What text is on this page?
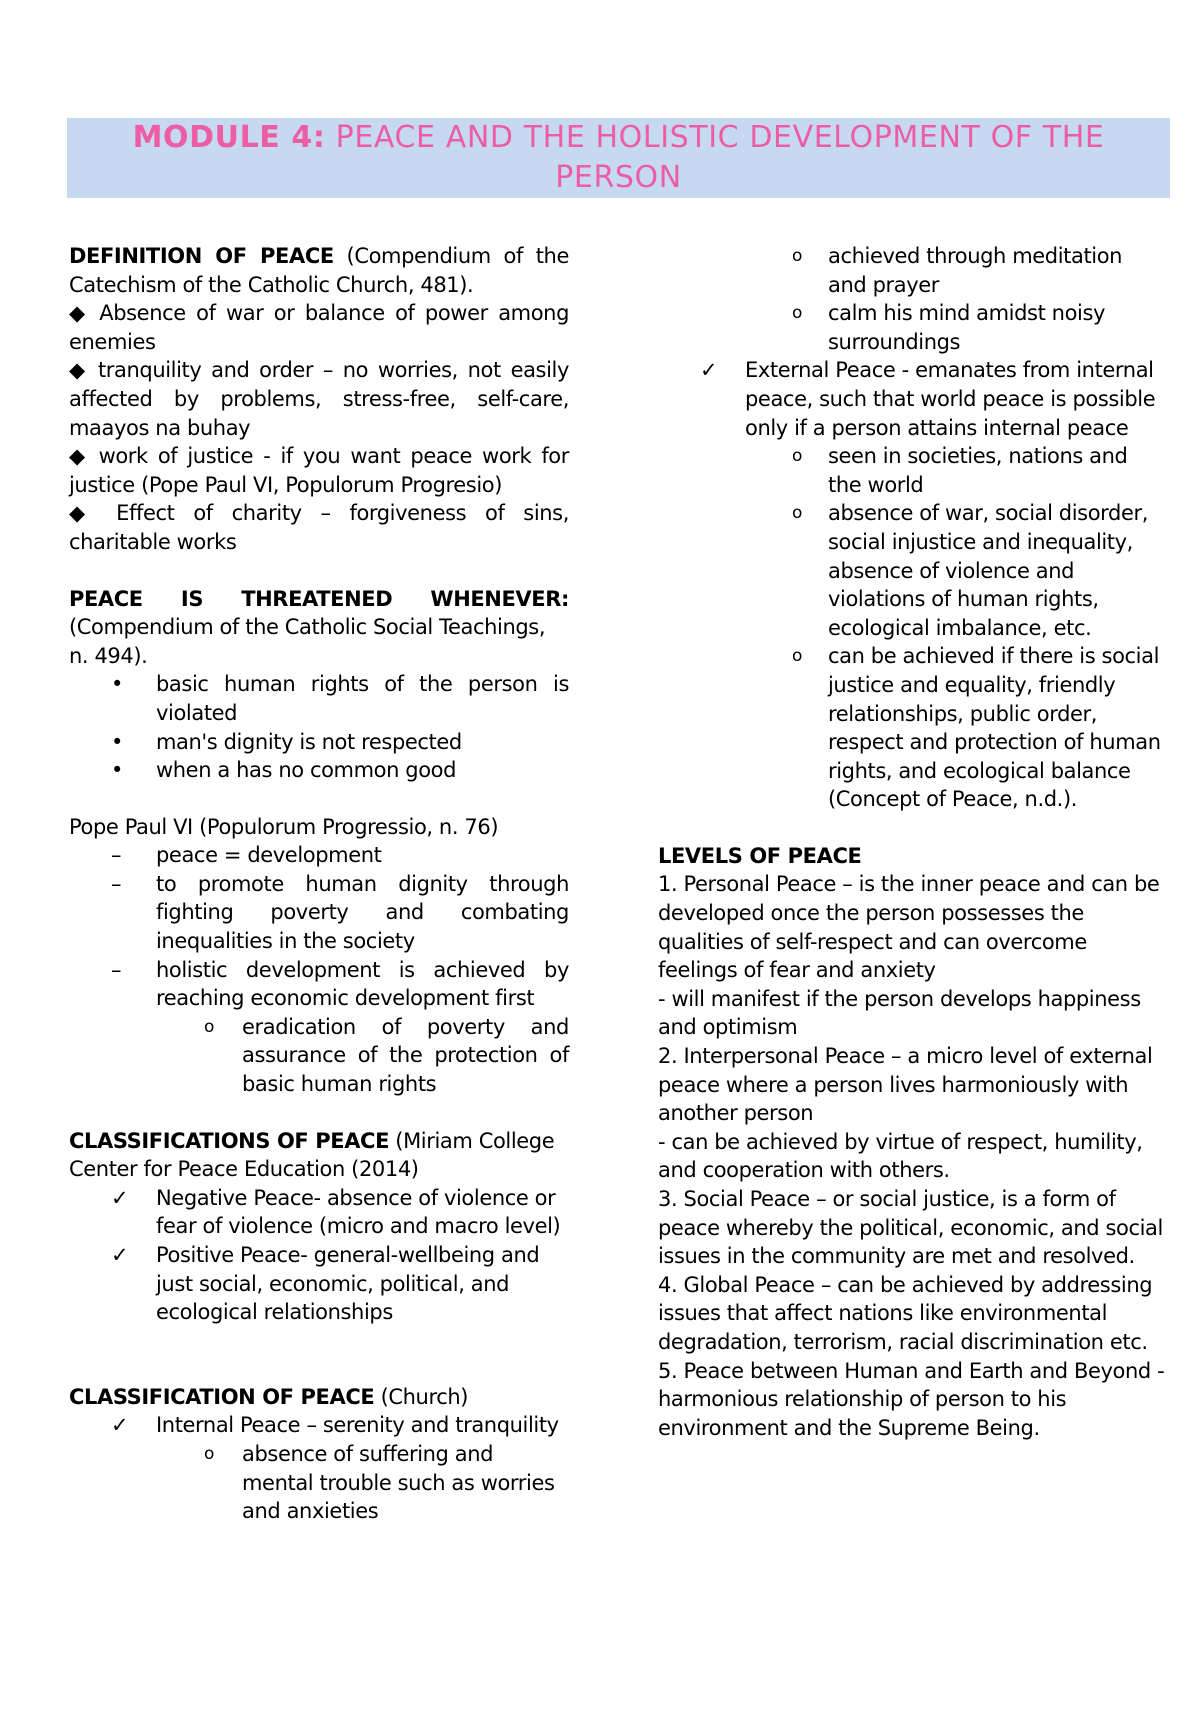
MODULE 4: PEACE AND THE HOLISTIC DEVELOPMENT OF THE PERSON

DEFINITION OF PEACE (Compendium of the Catechism of the Catholic Church, 481).

◆ Absence of war or balance of power among enemies

◆ tranquility and order – no worries, not easily affected by problems, stress-free, self-care, maayos na buhay

◆ work of justice - if you want peace work for justice (Pope Paul VI, Populorum Progresio)

◆ Effect of charity – forgiveness of sins, charitable works

PEACE IS THREATENED WHENEVER:

(Compendium of the Catholic Social Teachings, n. 494).

• basic human rights of the person is violated
• man's dignity is not respected
• when a has no common good

Pope Paul VI (Populorum Progressio, n. 76)

– peace = development
– to promote human dignity through fighting poverty and combating inequalities in the society
– holistic development is achieved by reaching economic development first
o eradication of poverty and assurance of the protection of basic human rights

CLASSIFICATIONS OF PEACE (Miriam College Center for Peace Education (2014)

✓ Negative Peace- absence of violence or fear of violence (micro and macro level)
✓ Positive Peace- general-wellbeing and just social, economic, political, and ecological relationships

CLASSIFICATION OF PEACE (Church)

✓ Internal Peace – serenity and tranquility
o absence of suffering and mental trouble such as worries and anxieties
o achieved through meditation and prayer
o calm his mind amidst noisy surroundings
✓ External Peace - emanates from internal peace, such that world peace is possible only if a person attains internal peace
o seen in societies, nations and the world
o absence of war, social disorder, social injustice and inequality, absence of violence and violations of human rights, ecological imbalance, etc.
o can be achieved if there is social justice and equality, friendly relationships, public order, respect and protection of human rights, and ecological balance (Concept of Peace, n.d.).

LEVELS OF PEACE

1. Personal Peace – is the inner peace and can be developed once the person possesses the qualities of self-respect and can overcome feelings of fear and anxiety

- will manifest if the person develops happiness and optimism

2. Interpersonal Peace – a micro level of external peace where a person lives harmoniously with another person

- can be achieved by virtue of respect, humility, and cooperation with others.

3. Social Peace – or social justice, is a form of peace whereby the political, economic, and social issues in the community are met and resolved.

4. Global Peace – can be achieved by addressing issues that affect nations like environmental degradation, terrorism, racial discrimination etc.

5. Peace between Human and Earth and Beyond - harmonious relationship of person to his environment and the Supreme Being.
